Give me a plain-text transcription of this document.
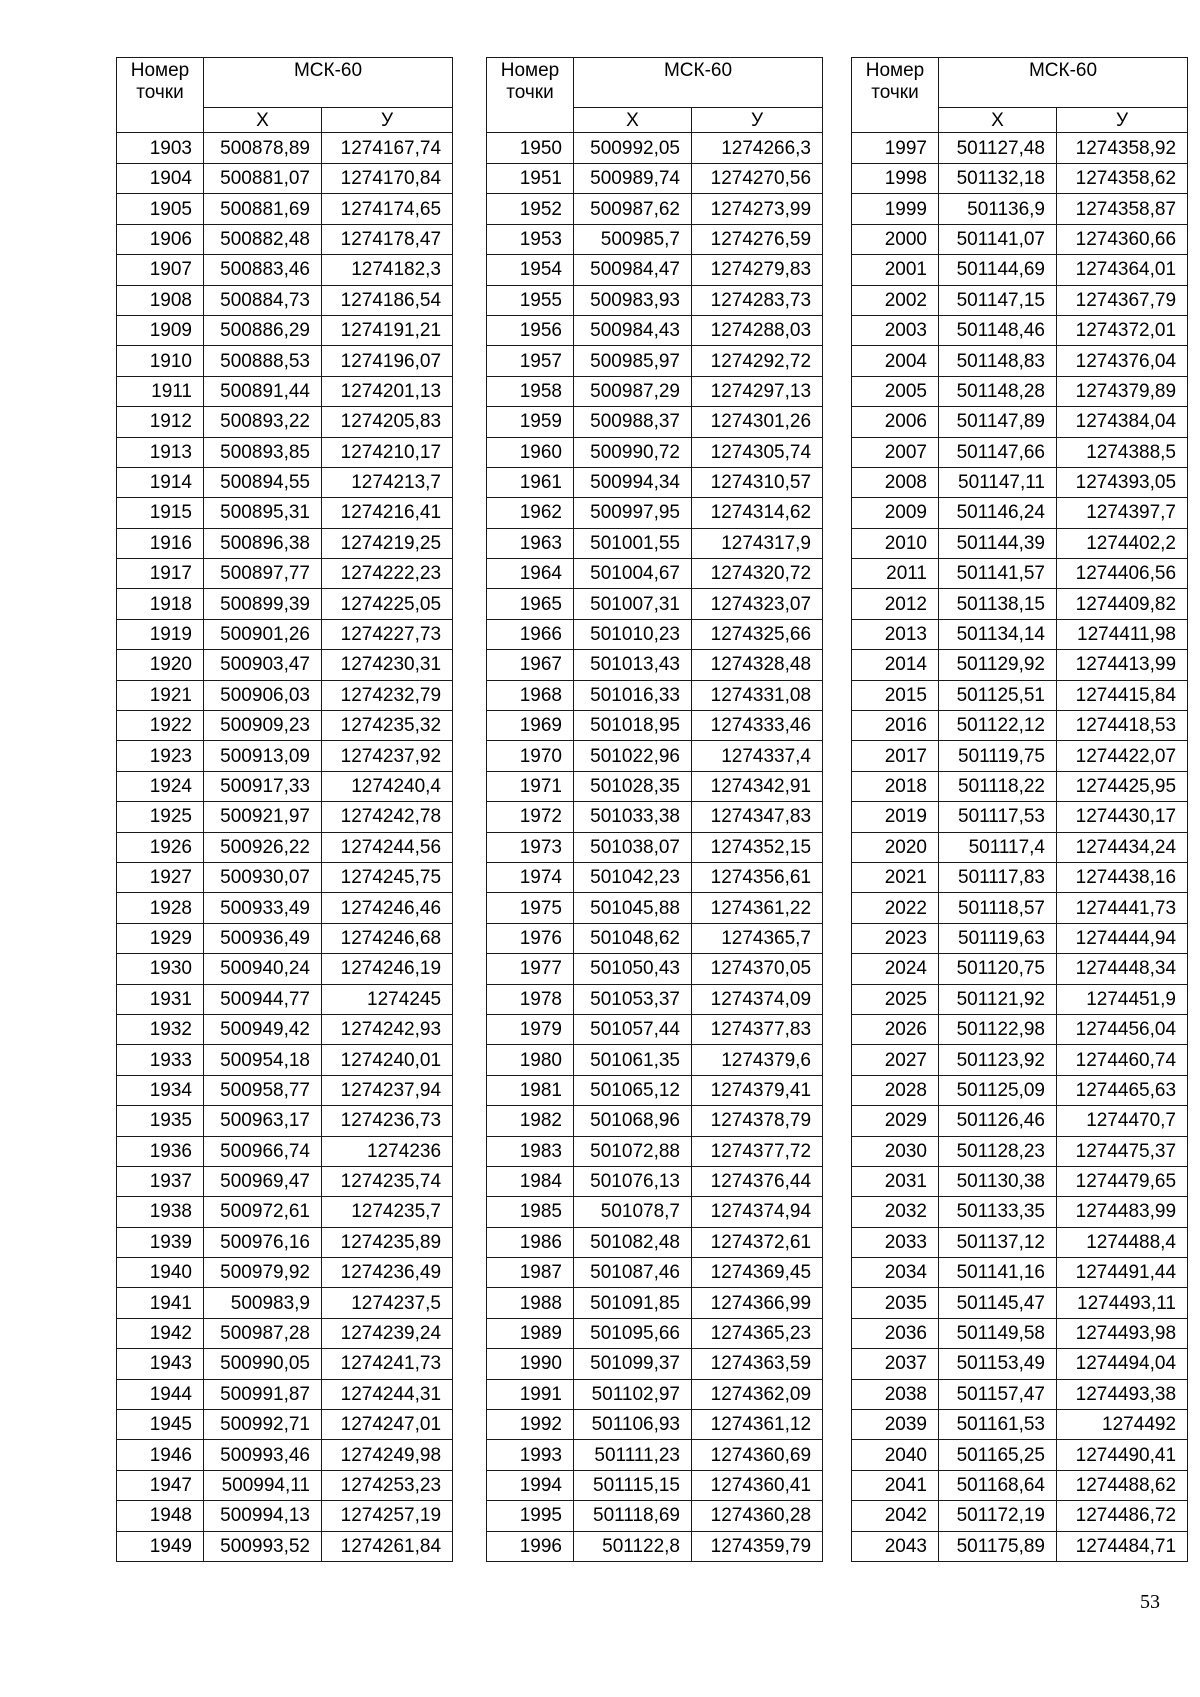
Номер точки	МСК-60	
	Х	У
1903	500878,89	1274167,74
1904	500881,07	1274170,84
1905	500881,69	1274174,65
1906	500882,48	1274178,47
1907	500883,46	1274182,3
1908	500884,73	1274186,54
1909	500886,29	1274191,21
1910	500888,53	1274196,07
1911	500891,44	1274201,13
1912	500893,22	1274205,83
1913	500893,85	1274210,17
1914	500894,55	1274213,7
1915	500895,31	1274216,41
1916	500896,38	1274219,25
1917	500897,77	1274222,23
1918	500899,39	1274225,05
1919	500901,26	1274227,73
1920	500903,47	1274230,31
1921	500906,03	1274232,79
1922	500909,23	1274235,32
1923	500913,09	1274237,92
1924	500917,33	1274240,4
1925	500921,97	1274242,78
1926	500926,22	1274244,56
1927	500930,07	1274245,75
1928	500933,49	1274246,46
1929	500936,49	1274246,68
1930	500940,24	1274246,19
1931	500944,77	1274245
1932	500949,42	1274242,93
1933	500954,18	1274240,01
1934	500958,77	1274237,94
1935	500963,17	1274236,73
1936	500966,74	1274236
1937	500969,47	1274235,74
1938	500972,61	1274235,7
1939	500976,16	1274235,89
1940	500979,92	1274236,49
1941	500983,9	1274237,5
1942	500987,28	1274239,24
1943	500990,05	1274241,73
1944	500991,87	1274244,31
1945	500992,71	1274247,01
1946	500993,46	1274249,98
1947	500994,11	1274253,23
1948	500994,13	1274257,19
1949	500993,52	1274261,84
Номер точки	МСК-60	
	Х	У
1950	500992,05	1274266,3
1951	500989,74	1274270,56
1952	500987,62	1274273,99
1953	500985,7	1274276,59
1954	500984,47	1274279,83
1955	500983,93	1274283,73
1956	500984,43	1274288,03
1957	500985,97	1274292,72
1958	500987,29	1274297,13
1959	500988,37	1274301,26
1960	500990,72	1274305,74
1961	500994,34	1274310,57
1962	500997,95	1274314,62
1963	501001,55	1274317,9
1964	501004,67	1274320,72
1965	501007,31	1274323,07
1966	501010,23	1274325,66
1967	501013,43	1274328,48
1968	501016,33	1274331,08
1969	501018,95	1274333,46
1970	501022,96	1274337,4
1971	501028,35	1274342,91
1972	501033,38	1274347,83
1973	501038,07	1274352,15
1974	501042,23	1274356,61
1975	501045,88	1274361,22
1976	501048,62	1274365,7
1977	501050,43	1274370,05
1978	501053,37	1274374,09
1979	501057,44	1274377,83
1980	501061,35	1274379,6
1981	501065,12	1274379,41
1982	501068,96	1274378,79
1983	501072,88	1274377,72
1984	501076,13	1274376,44
1985	501078,7	1274374,94
1986	501082,48	1274372,61
1987	501087,46	1274369,45
1988	501091,85	1274366,99
1989	501095,66	1274365,23
1990	501099,37	1274363,59
1991	501102,97	1274362,09
1992	501106,93	1274361,12
1993	501111,23	1274360,69
1994	501115,15	1274360,41
1995	501118,69	1274360,28
1996	501122,8	1274359,79
Номер точки	МСК-60	
	Х	У
1997	501127,48	1274358,92
1998	501132,18	1274358,62
1999	501136,9	1274358,87
2000	501141,07	1274360,66
2001	501144,69	1274364,01
2002	501147,15	1274367,79
2003	501148,46	1274372,01
2004	501148,83	1274376,04
2005	501148,28	1274379,89
2006	501147,89	1274384,04
2007	501147,66	1274388,5
2008	501147,11	1274393,05
2009	501146,24	1274397,7
2010	501144,39	1274402,2
2011	501141,57	1274406,56
2012	501138,15	1274409,82
2013	501134,14	1274411,98
2014	501129,92	1274413,99
2015	501125,51	1274415,84
2016	501122,12	1274418,53
2017	501119,75	1274422,07
2018	501118,22	1274425,95
2019	501117,53	1274430,17
2020	501117,4	1274434,24
2021	501117,83	1274438,16
2022	501118,57	1274441,73
2023	501119,63	1274444,94
2024	501120,75	1274448,34
2025	501121,92	1274451,9
2026	501122,98	1274456,04
2027	501123,92	1274460,74
2028	501125,09	1274465,63
2029	501126,46	1274470,7
2030	501128,23	1274475,37
2031	501130,38	1274479,65
2032	501133,35	1274483,99
2033	501137,12	1274488,4
2034	501141,16	1274491,44
2035	501145,47	1274493,11
2036	501149,58	1274493,98
2037	501153,49	1274494,04
2038	501157,47	1274493,38
2039	501161,53	1274492
2040	501165,25	1274490,41
2041	501168,64	1274488,62
2042	501172,19	1274486,72
2043	501175,89	1274484,71
53
